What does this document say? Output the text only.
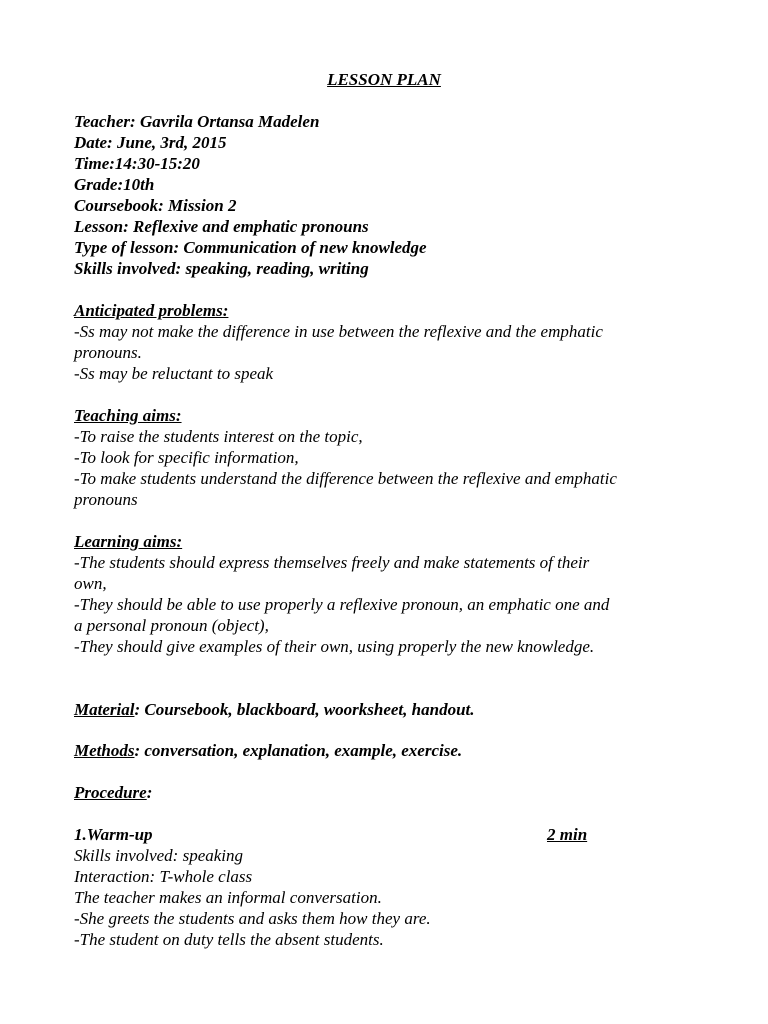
LESSON PLAN
Teacher: Gavrila Ortansa Madelen
Date: June, 3rd, 2015
Time:14:30-15:20
Grade:10th
Coursebook: Mission 2
Lesson: Reflexive and emphatic pronouns
Type of lesson: Communication of new knowledge
Skills involved: speaking, reading, writing
Anticipated problems:
-Ss may not make the difference in use between the reflexive and the emphatic
pronouns.
-Ss may be reluctant to speak
Teaching aims:
-To raise the students interest on the topic,
-To look for specific information,
-To make students understand the difference between the reflexive and emphatic
pronouns
Learning aims:
-The students should express themselves freely and make statements of their
own,
-They should be able to use properly a reflexive pronoun, an emphatic one and
a personal pronoun (object),
-They should give examples of their own, using properly the new knowledge.
Material: Coursebook, blackboard, woorksheet, handout.
Methods: conversation, explanation, example, exercise.
Procedure:
1.Warm-up	2 min
Skills involved: speaking
Interaction: T-whole class
The teacher makes an informal conversation.
-She greets the students and asks them how they are.
-The student on duty tells the absent students.
